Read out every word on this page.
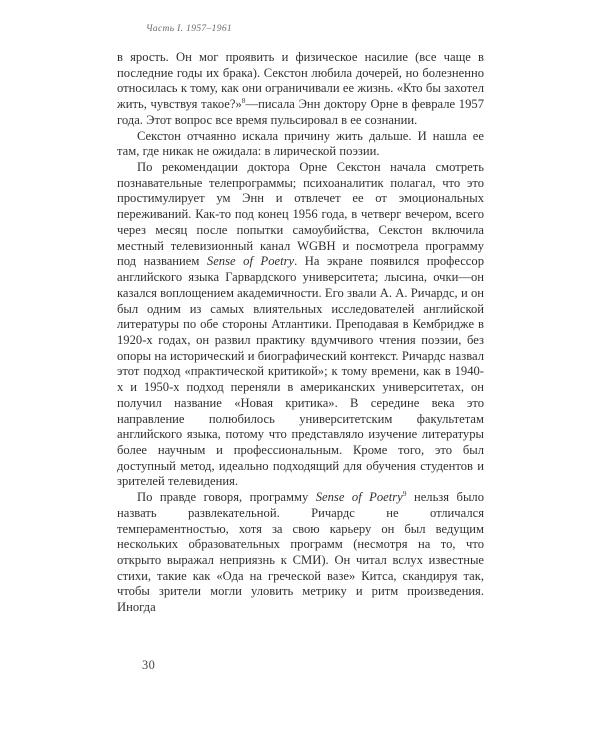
Часть I. 1957–1961

в ярость. Он мог проявить и физическое насилие (все чаще в последние годы их брака). Секстон любила дочерей, но болезненно относилась к тому, как они ограничивали ее жизнь. «Кто бы захотел жить, чувствуя такое?»$^8$—писала Энн доктору Орне в феврале 1957 года. Этот вопрос все время пульсировал в ее сознании.

Секстон отчаянно искала причину жить дальше. И нашла ее там, где никак не ожидала: в лирической поэзии.

По рекомендации доктора Орне Секстон начала смотреть познавательные телепрограммы; психоаналитик полагал, что это простимулирует ум Энн и отвлечет ее от эмоциональных переживаний. Как-то под конец 1956 года, в четверг вечером, всего через месяц после попытки самоубийства, Секстон включила местный телевизионный канал WGBH и посмотрела программу под названием Sense of Poetry. На экране появился профессор английского языка Гарвардского университета; лысина, очки—он казался воплощением академичности. Его звали А. А. Ричардс, и он был одним из самых влиятельных исследователей английской литературы по обе стороны Атлантики. Преподавая в Кембридже в 1920-х годах, он развил практику вдумчивого чтения поэзии, без опоры на исторический и биографический контекст. Ричардс назвал этот подход «практической критикой»; к тому времени, как в 1940-х и 1950-х подход переняли в американских университетах, он получил название «Новая критика». В середине века это направление полюбилось университетским факультетам английского языка, потому что представляло изучение литературы более научным и профессиональным. Кроме того, это был доступный метод, идеально подходящий для обучения студентов и зрителей телевидения.

По правде говоря, программу Sense of Poetry$^9$ нельзя было назвать развлекательной. Ричардс не отличался темпераментностью, хотя за свою карьеру он был ведущим нескольких образовательных программ (несмотря на то, что открыто выражал неприязнь к СМИ). Он читал вслух известные стихи, такие как «Ода на греческой вазе» Китса, скандируя так, чтобы зрители могли уловить метрику и ритм произведения. Иногда

30
